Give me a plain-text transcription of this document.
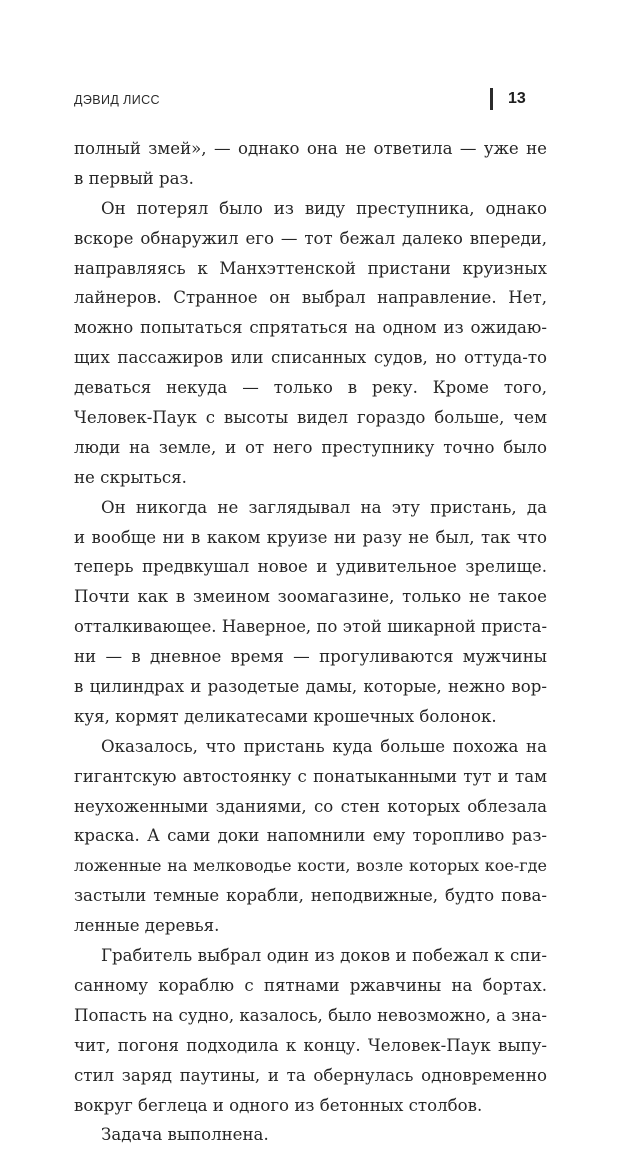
ДЭВИД ЛИСС	13
полный змей», — однако она не ответила — уже не
в первый раз.
Он потерял было из виду преступника, однако
вскоре обнаружил его — тот бежал далеко впереди,
направляясь к Манхэттенской пристани круизных
лайнеров. Странное он выбрал направление. Нет,
можно попытаться спрятаться на одном из ожидаю-
щих пассажиров или списанных судов, но оттуда-то
деваться некуда — только в реку. Кроме того,
Человек-Паук с высоты видел гораздо больше, чем
люди на земле, и от него преступнику точно было
не скрыться.
Он никогда не заглядывал на эту пристань, да
и вообще ни в каком круизе ни разу не был, так что
теперь предвкушал новое и удивительное зрелище.
Почти как в змеином зоомагазине, только не такое
отталкивающее. Наверное, по этой шикарной приста-
ни — в дневное время — прогуливаются мужчины
в цилиндрах и разодетые дамы, которые, нежно вор-
куя, кормят деликатесами крошечных болонок.
Оказалось, что пристань куда больше похожа на
гигантскую автостоянку с понатыканными тут и там
неухоженными зданиями, со стен которых облезала
краска. А сами доки напомнили ему торопливо раз-
ложенные на мелководье кости, возле которых кое-где
застыли темные корабли, неподвижные, будто повa-
ленные деревья.
Грабитель выбрал один из доков и побежал к спи-
санному кораблю с пятнами ржавчины на бортах.
Попасть на судно, казалось, было невозможно, а зна-
чит, погоня подходила к концу. Человек-Паук выпу-
стил заряд паутины, и та обернулась одновременно
вокруг беглеца и одного из бетонных столбов.
Задача выполнена.
